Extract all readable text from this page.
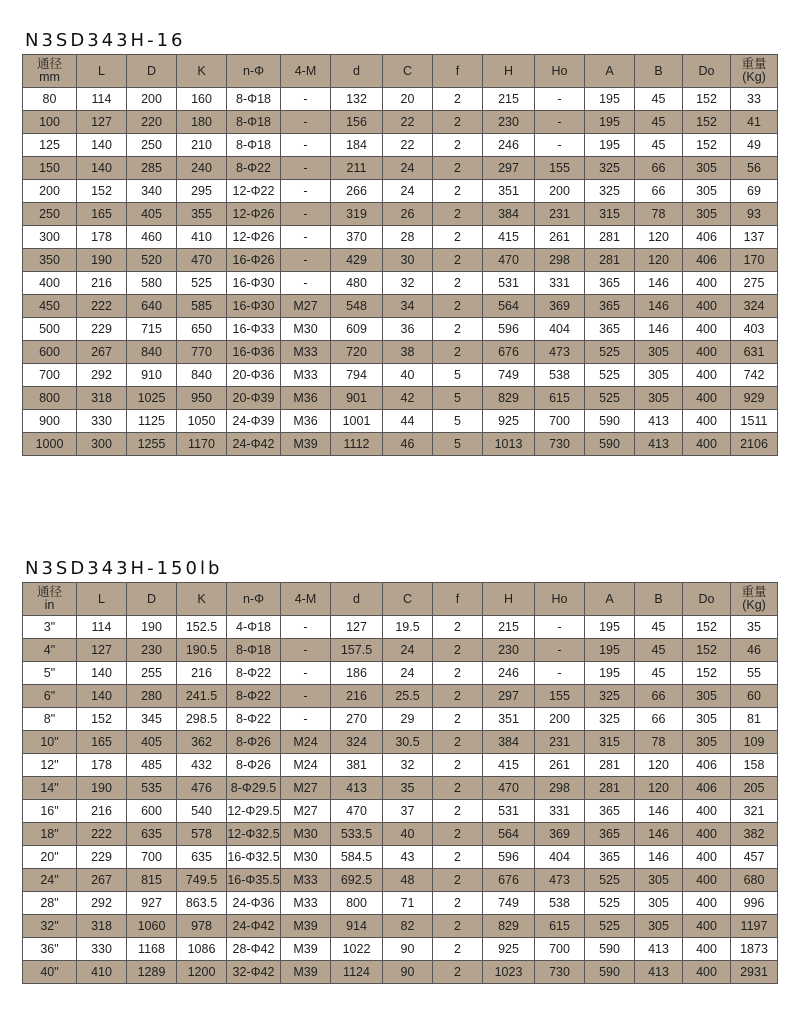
N3SD343H-16
通径
mm	L	D	K	n-Φ	4-M	d	C	f	H	Ho	A	B	Do	重量
(Kg)

80	114	200	160	8-Φ18	-	132	20	2	215	-	195	45	152	33
100	127	220	180	8-Φ18	-	156	22	2	230	-	195	45	152	41
125	140	250	210	8-Φ18	-	184	22	2	246	-	195	45	152	49
150	140	285	240	8-Φ22	-	211	24	2	297	155	325	66	305	56
200	152	340	295	12-Φ22	-	266	24	2	351	200	325	66	305	69
250	165	405	355	12-Φ26	-	319	26	2	384	231	315	78	305	93
300	178	460	410	12-Φ26	-	370	28	2	415	261	281	120	406	137
350	190	520	470	16-Φ26	-	429	30	2	470	298	281	120	406	170
400	216	580	525	16-Φ30	-	480	32	2	531	331	365	146	400	275
450	222	640	585	16-Φ30	M27	548	34	2	564	369	365	146	400	324
500	229	715	650	16-Φ33	M30	609	36	2	596	404	365	146	400	403
600	267	840	770	16-Φ36	M33	720	38	2	676	473	525	305	400	631
700	292	910	840	20-Φ36	M33	794	40	5	749	538	525	305	400	742
800	318	1025	950	20-Φ39	M36	901	42	5	829	615	525	305	400	929
900	330	1125	1050	24-Φ39	M36	1001	44	5	925	700	590	413	400	1511
1000	300	1255	1170	24-Φ42	M39	1112	46	5	1013	730	590	413	400	2106
N3SD343H-150lb
通径
in	L	D	K	n-Φ	4-M	d	C	f	H	Ho	A	B	Do	重量
(Kg)

3"	114	190	152.5	4-Φ18	-	127	19.5	2	215	-	195	45	152	35
4"	127	230	190.5	8-Φ18	-	157.5	24	2	230	-	195	45	152	46
5"	140	255	216	8-Φ22	-	186	24	2	246	-	195	45	152	55
6"	140	280	241.5	8-Φ22	-	216	25.5	2	297	155	325	66	305	60
8"	152	345	298.5	8-Φ22	-	270	29	2	351	200	325	66	305	81
10"	165	405	362	8-Φ26	M24	324	30.5	2	384	231	315	78	305	109
12"	178	485	432	8-Φ26	M24	381	32	2	415	261	281	120	406	158
14"	190	535	476	8-Φ29.5	M27	413	35	2	470	298	281	120	406	205
16"	216	600	540	12-Φ29.5	M27	470	37	2	531	331	365	146	400	321
18"	222	635	578	12-Φ32.5	M30	533.5	40	2	564	369	365	146	400	382
20"	229	700	635	16-Φ32.5	M30	584.5	43	2	596	404	365	146	400	457
24"	267	815	749.5	16-Φ35.5	M33	692.5	48	2	676	473	525	305	400	680
28"	292	927	863.5	24-Φ36	M33	800	71	2	749	538	525	305	400	996
32"	318	1060	978	24-Φ42	M39	914	82	2	829	615	525	305	400	1197
36"	330	1168	1086	28-Φ42	M39	1022	90	2	925	700	590	413	400	1873
40"	410	1289	1200	32-Φ42	M39	1124	90	2	1023	730	590	413	400	2931
